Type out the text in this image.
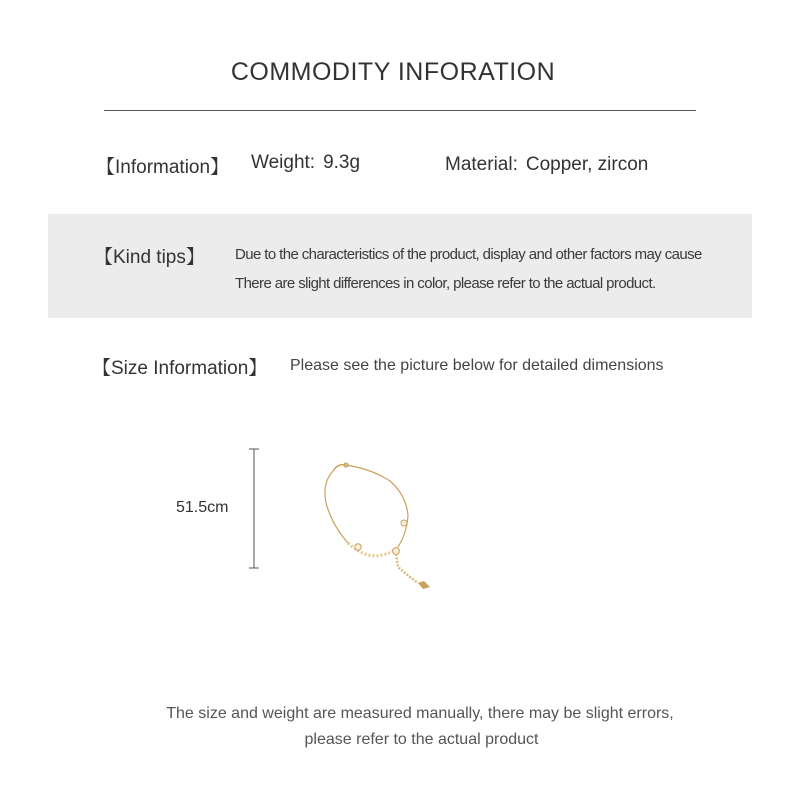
COMMODITY INFORATION
【Information】 Weight: 9.3g	Material: Copper, zircon
【Kind tips】 Due to the characteristics of the product, display and other factors may cause
There are slight differences in color, please refer to the actual product.
【Size Information】 Please see the picture below for detailed dimensions
51.5cm
The size and weight are measured manually, there may be slight errors,
please refer to the actual product
